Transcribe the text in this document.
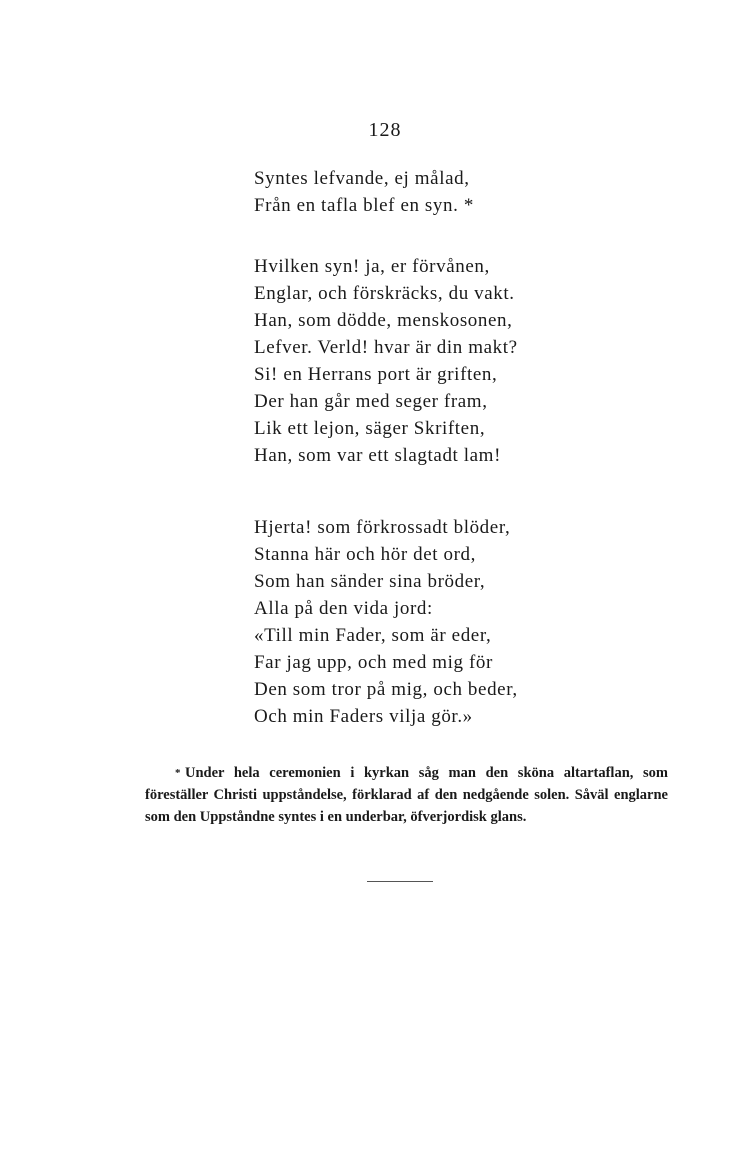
128
Syntes lefvande, ej målad,
Från en tafla blef en syn. *
Hvilken syn! ja, er förvånen,
Englar, och förskräcks, du vakt.
Han, som dödde, menskosonen,
Lefver. Verld! hvar är din makt?
Si! en Herrans port är griften,
Der han går med seger fram,
Lik ett lejon, säger Skriften,
Han, som var ett slagtadt lam!
Hjerta! som förkrossadt blöder,
Stanna här och hör det ord,
Som han sänder sina bröder,
Alla på den vida jord:
«Till min Fader, som är eder,
Far jag upp, och med mig för
Den som tror på mig, och beder,
Och min Faders vilja gör.»
* Under hela ceremonien i kyrkan såg man den sköna altartaflan, som föreställer Christi uppståndelse, förklarad af den nedgående solen. Såväl englarne som den Uppståndne syntes i en underbar, öfverjordisk glans.
